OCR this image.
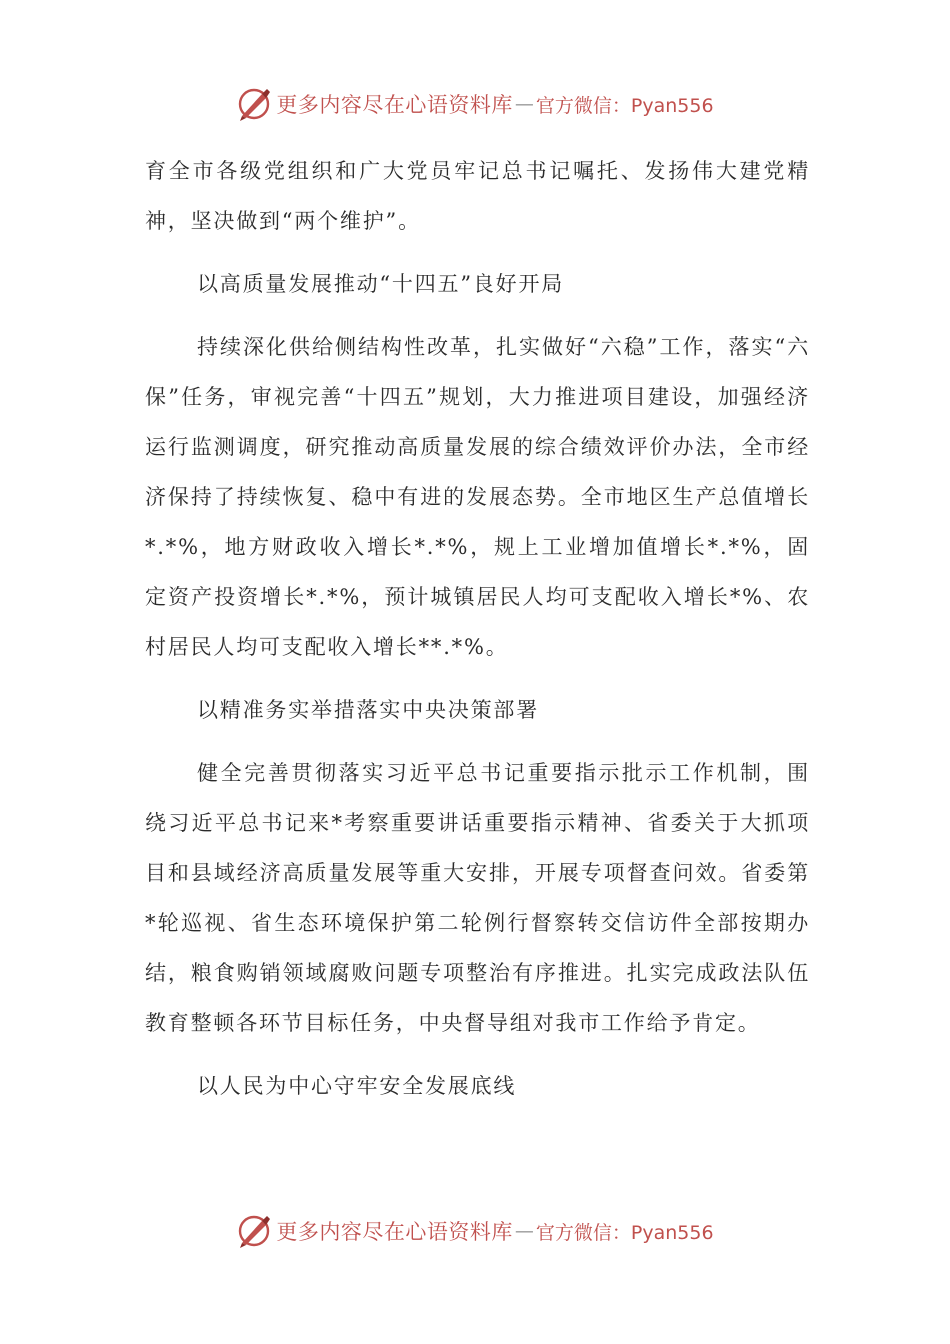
更多内容尽在心语资料库 — 官方微信：Pyan556

育全市各级党组织和广大党员牢记总书记嘱托、发扬伟大建党精神，坚决做到“两个维护”。

以高质量发展推动“十四五”良好开局

持续深化供给侧结构性改革，扎实做好“六稳”工作，落实“六保”任务，审视完善“十四五”规划，大力推进项目建设，加强经济运行监测调度，研究推动高质量发展的综合绩效评价办法，全市经济保持了持续恢复、稳中有进的发展态势。全市地区生产总值增长*.*%，地方财政收入增长*.*%，规上工业增加值增长*.*%，固定资产投资增长*.*%，预计城镇居民人均可支配收入增长*%、农村居民人均可支配收入增长**.*%。

以精准务实举措落实中央决策部署

健全完善贯彻落实习近平总书记重要指示批示工作机制，围绕习近平总书记来*考察重要讲话重要指示精神、省委关于大抓项目和县域经济高质量发展等重大安排，开展专项督查问效。省委第*轮巡视、省生态环境保护第二轮例行督察转交信访件全部按期办结，粮食购销领域腐败问题专项整治有序推进。扎实完成政法队伍教育整顿各环节目标任务，中央督导组对我市工作给予肯定。

以人民为中心守牢安全发展底线

更多内容尽在心语资料库 — 官方微信：Pyan556
